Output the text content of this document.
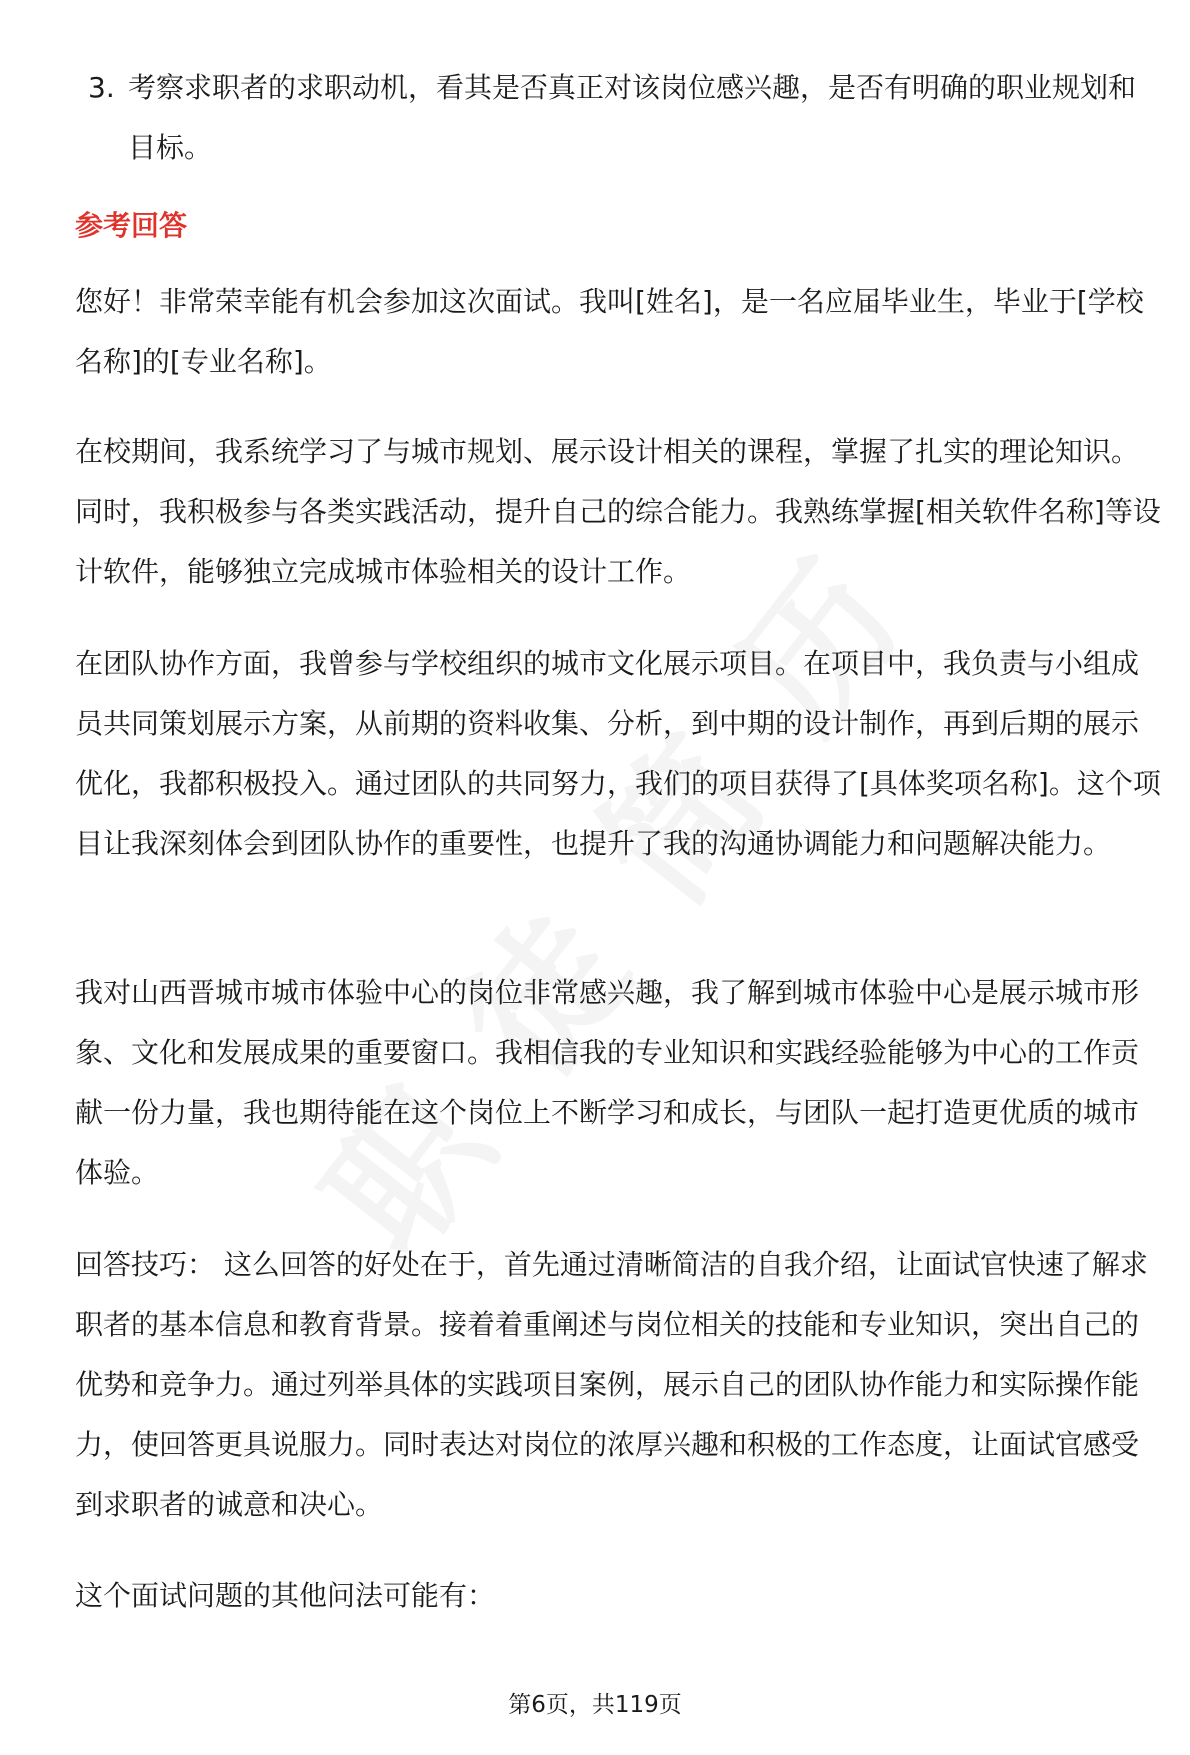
3. 考察求职者的求职动机，看其是否真正对该岗位感兴趣，是否有明确的职业规划和目标。
参考回答

您好！非常荣幸能有机会参加这次面试。我叫[姓名]，是一名应届毕业生，毕业于[学校名称]的[专业名称]。

在校期间，我系统学习了与城市规划、展示设计相关的课程，掌握了扎实的理论知识。同时，我积极参与各类实践活动，提升自己的综合能力。我熟练掌握[相关软件名称]等设计软件，能够独立完成城市体验相关的设计工作。

在团队协作方面，我曾参与学校组织的城市文化展示项目。在项目中，我负责与小组成员共同策划展示方案，从前期的资料收集、分析，到中期的设计制作，再到后期的展示优化，我都积极投入。通过团队的共同努力，我们的项目获得了[具体奖项名称]。这个项目让我深刻体会到团队协作的重要性，也提升了我的沟通协调能力和问题解决能力。

我对山西晋城市城市体验中心的岗位非常感兴趣，我了解到城市体验中心是展示城市形象、文化和发展成果的重要窗口。我相信我的专业知识和实践经验能够为中心的工作贡献一份力量，我也期待能在这个岗位上不断学习和成长，与团队一起打造更优质的城市体验。

回答技巧： 这么回答的好处在于，首先通过清晰简洁的自我介绍，让面试官快速了解求职者的基本信息和教育背景。接着着重阐述与岗位相关的技能和专业知识，突出自己的优势和竞争力。通过列举具体的实践项目案例，展示自己的团队协作能力和实际操作能力，使回答更具说服力。同时表达对岗位的浓厚兴趣和积极的工作态度，让面试官感受到求职者的诚意和决心。

这个面试问题的其他问法可能有：

第6页，共119页
